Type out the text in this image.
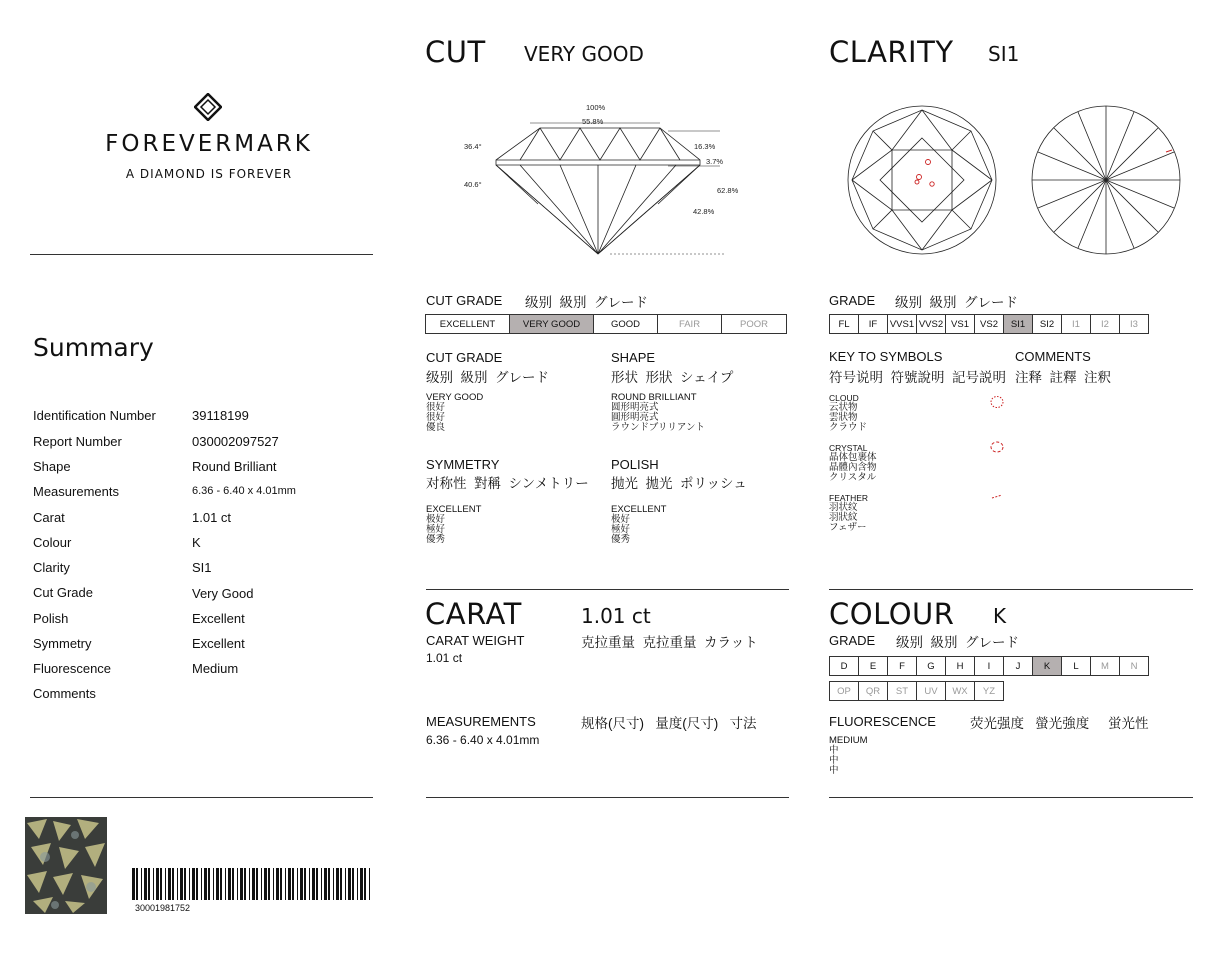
FOREVERMARK
A DIAMOND IS FOREVER
Summary
Identification Number	39118199
Report Number	030002097527
Shape	Round Brilliant
Measurements	6.36 - 6.40 x 4.01mm
Carat	1.01 ct
Colour	K
Clarity	SI1
Cut Grade	Very Good
Polish	Excellent
Symmetry	Excellent
Fluorescence	Medium
Comments
30001981752
CUT VERY GOOD
100%
55.8%
36.4°
40.6°
16.3%
3.7%
62.8%
42.8%
CUT GRADE 级别  級別  グレード
EXCELLENT	VERY GOOD	GOOD	FAIR	POOR
CUT GRADE
级别  級別  グレード
VERY GOOD
很好
很好
優良
SHAPE
形状  形狀  シェイプ
ROUND BRILLIANT
圆形明亮式
圓形明亮式
ラウンドブリリアント
SYMMETRY
对称性  對稱  シンメトリー
EXCELLENT
极好
極好
優秀
POLISH
抛光  拋光  ポリッシュ
EXCELLENT
极好
極好
優秀
CARAT	1.01 ct
CARAT WEIGHT	克拉重量  克拉重量  カラット
1.01 ct
MEASUREMENTS	规格(尺寸)   量度(尺寸)   寸法
6.36 - 6.40 x 4.01mm
CLARITY SI1
GRADE 级别  級別  グレード
FL	IF	VVS1 VVS2 VS1	VS2	SI1	SI2	I1	I2	I3
KEY TO SYMBOLS
符号说明  符號說明  記号説明
COMMENTS
注释  註釋  注釈
CLOUD
云状物
雲狀物
クラウド
CRYSTAL
晶体包裹体
晶體內含物
クリスタル
FEATHER
羽状纹
羽狀紋
フェザー
COLOUR K
GRADE 级别  級別  グレード
D	E	F	G	H	I	J	K	L	M	N
OP	QR	ST	UV	WX	YZ
FLUORESCENCE	荧光强度   螢光強度     蛍光性
MEDIUM
中
中
中
